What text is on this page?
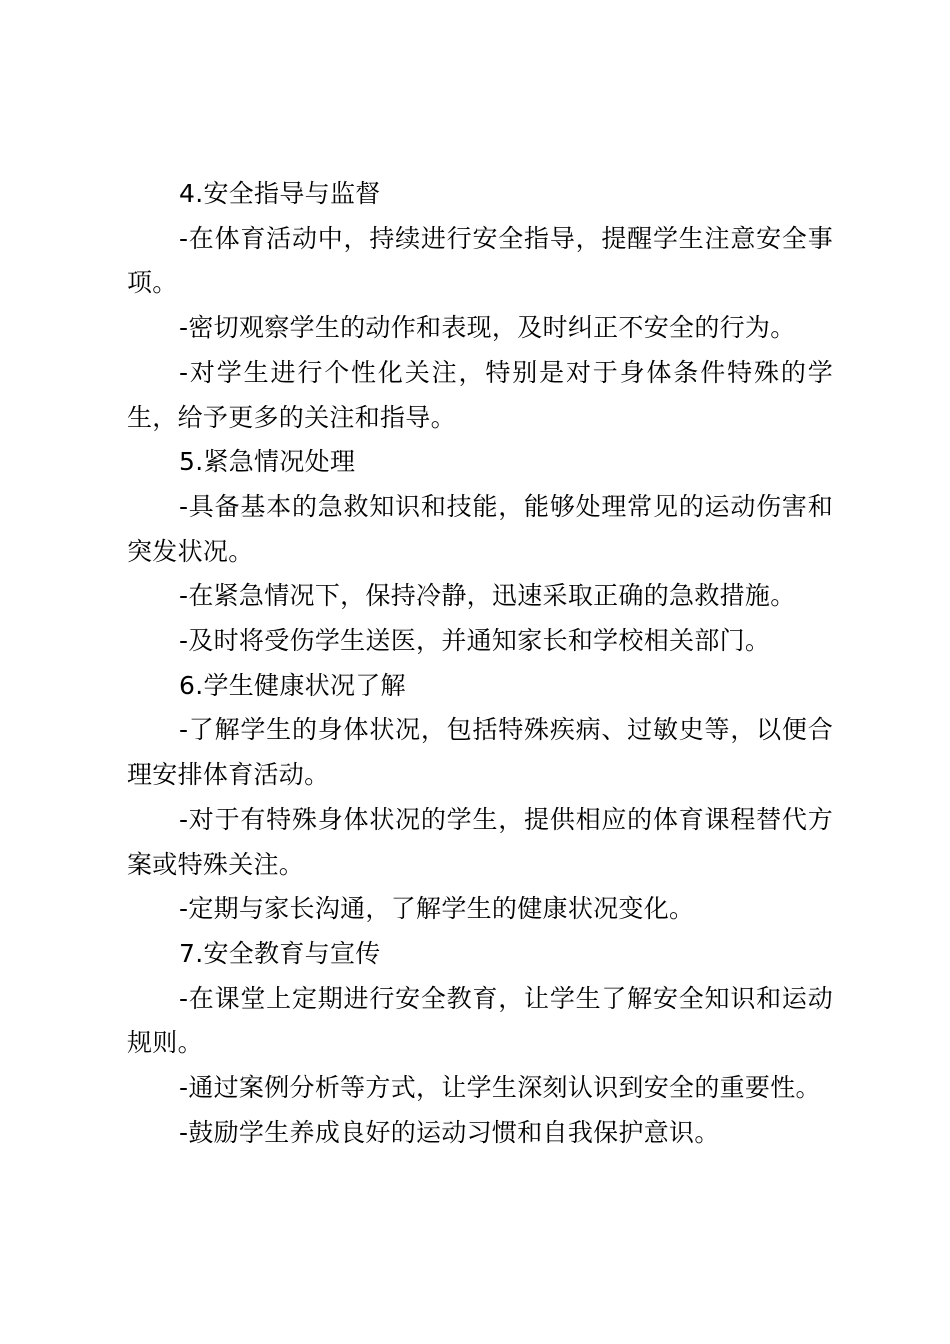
4.安全指导与监督

-在体育活动中，持续进行安全指导，提醒学生注意安全事项。

-密切观察学生的动作和表现，及时纠正不安全的行为。

-对学生进行个性化关注，特别是对于身体条件特殊的学生，给予更多的关注和指导。

5.紧急情况处理

-具备基本的急救知识和技能，能够处理常见的运动伤害和突发状况。

-在紧急情况下，保持冷静，迅速采取正确的急救措施。

-及时将受伤学生送医，并通知家长和学校相关部门。

6.学生健康状况了解

-了解学生的身体状况，包括特殊疾病、过敏史等，以便合理安排体育活动。

-对于有特殊身体状况的学生，提供相应的体育课程替代方案或特殊关注。

-定期与家长沟通，了解学生的健康状况变化。

7.安全教育与宣传

-在课堂上定期进行安全教育，让学生了解安全知识和运动规则。

-通过案例分析等方式，让学生深刻认识到安全的重要性。

-鼓励学生养成良好的运动习惯和自我保护意识。
